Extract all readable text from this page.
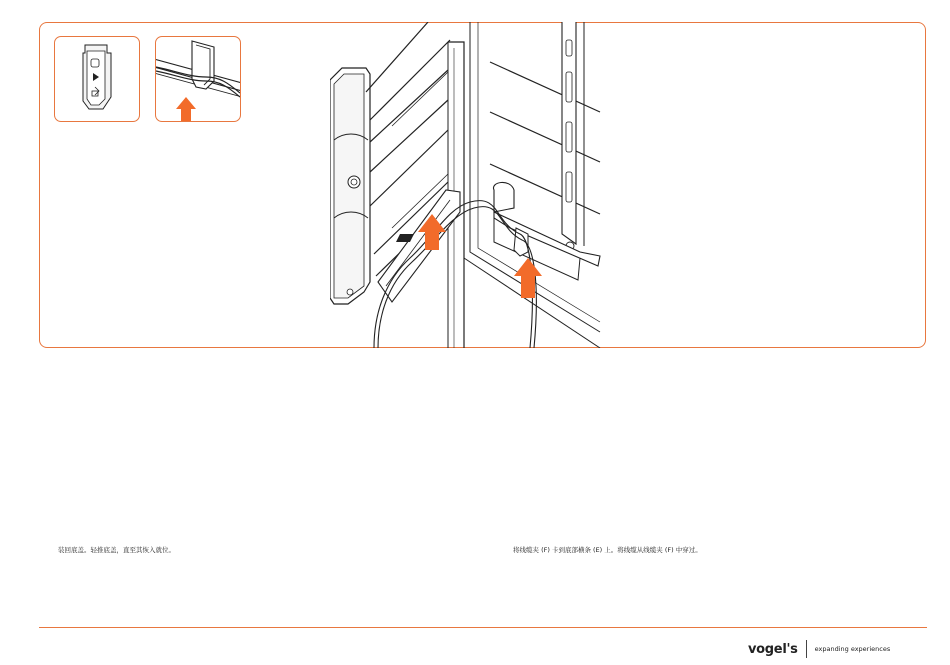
装回底盖。轻推底盖，直至其恢入就位。	将线缆夹 (F) 卡到底部横条 (E) 上。将线缆从线缆夹 (F) 中穿过。
vogel's	expanding experiences
